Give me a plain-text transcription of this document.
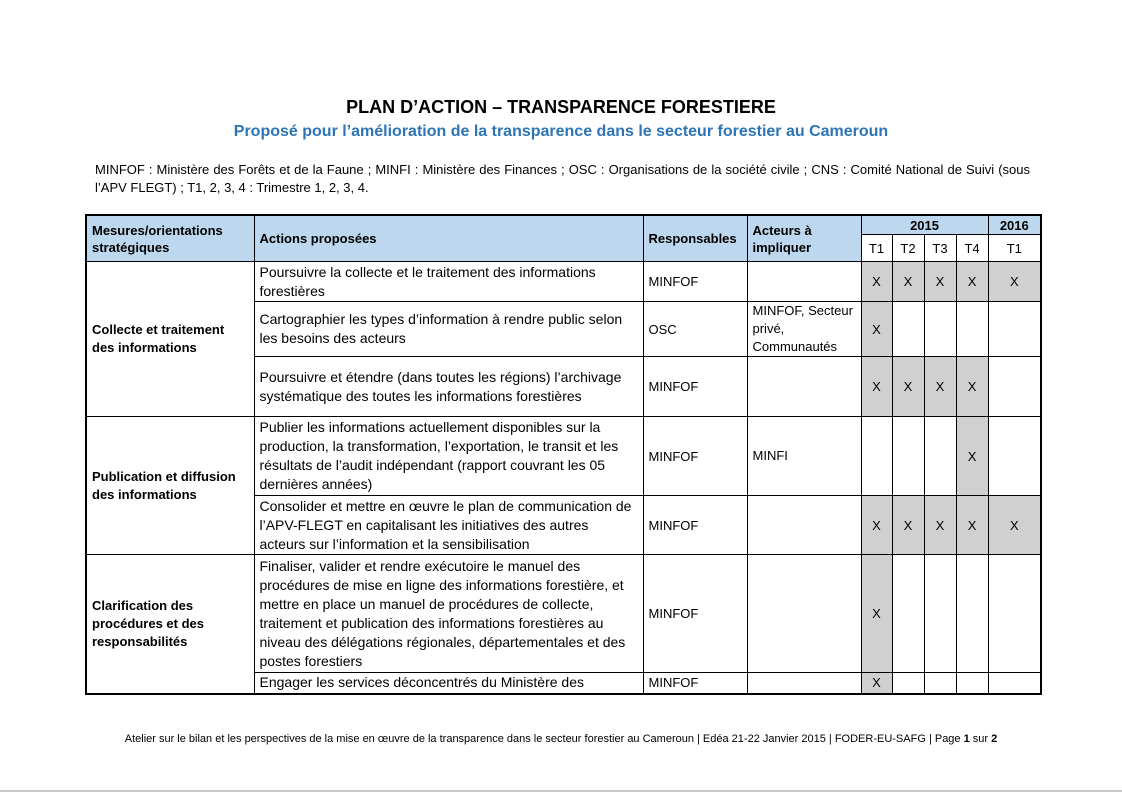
PLAN D’ACTION – TRANSPARENCE FORESTIERE
Proposé pour l’amélioration de la transparence dans le secteur forestier au Cameroun
MINFOF : Ministère des Forêts et de la Faune ; MINFI : Ministère des Finances ; OSC : Organisations de la société civile ; CNS : Comité National de Suivi (sous l’APV FLEGT) ; T1, 2, 3, 4 : Trimestre 1, 2, 3, 4.
Mesures/orientations stratégiques	Actions proposées	Responsables	Acteurs à impliquer	2015				2016
				T1	T2	T3	T4	T1
Collecte et traitement des informations	Poursuivre la collecte et le traitement des informations forestières	MINFOF		X	X	X	X	X
	Cartographier les types d’information à rendre public selon les besoins des acteurs	OSC	MINFOF, Secteur privé, Communautés	X				
	Poursuivre et étendre (dans toutes les régions) l’archivage systématique des toutes les informations forestières	MINFOF		X	X	X	X	
Publication et diffusion des informations	Publier les informations actuellement disponibles sur la production, la transformation, l’exportation, le transit et les résultats de l’audit indépendant (rapport couvrant les 05 dernières années)	MINFOF	MINFI				X	
	Consolider et mettre en œuvre le plan de communication de l’APV-FLEGT en capitalisant les initiatives des autres acteurs sur l’information et la sensibilisation	MINFOF		X	X	X	X	X
Clarification des procédures et des responsabilités	Finaliser, valider et rendre exécutoire le manuel des procédures de mise en ligne des informations forestière, et mettre en place un manuel de procédures de collecte, traitement et publication des informations forestières au niveau des délégations régionales, départementales et des postes forestiers	MINFOF		X				
	Engager les services déconcentrés du Ministère des	MINFOF		X				
Atelier sur le bilan et les perspectives de la mise en œuvre de la transparence dans le secteur forestier au Cameroun | Edéa 21-22 Janvier 2015 | FODER-EU-SAFG | Page 1 sur 2
